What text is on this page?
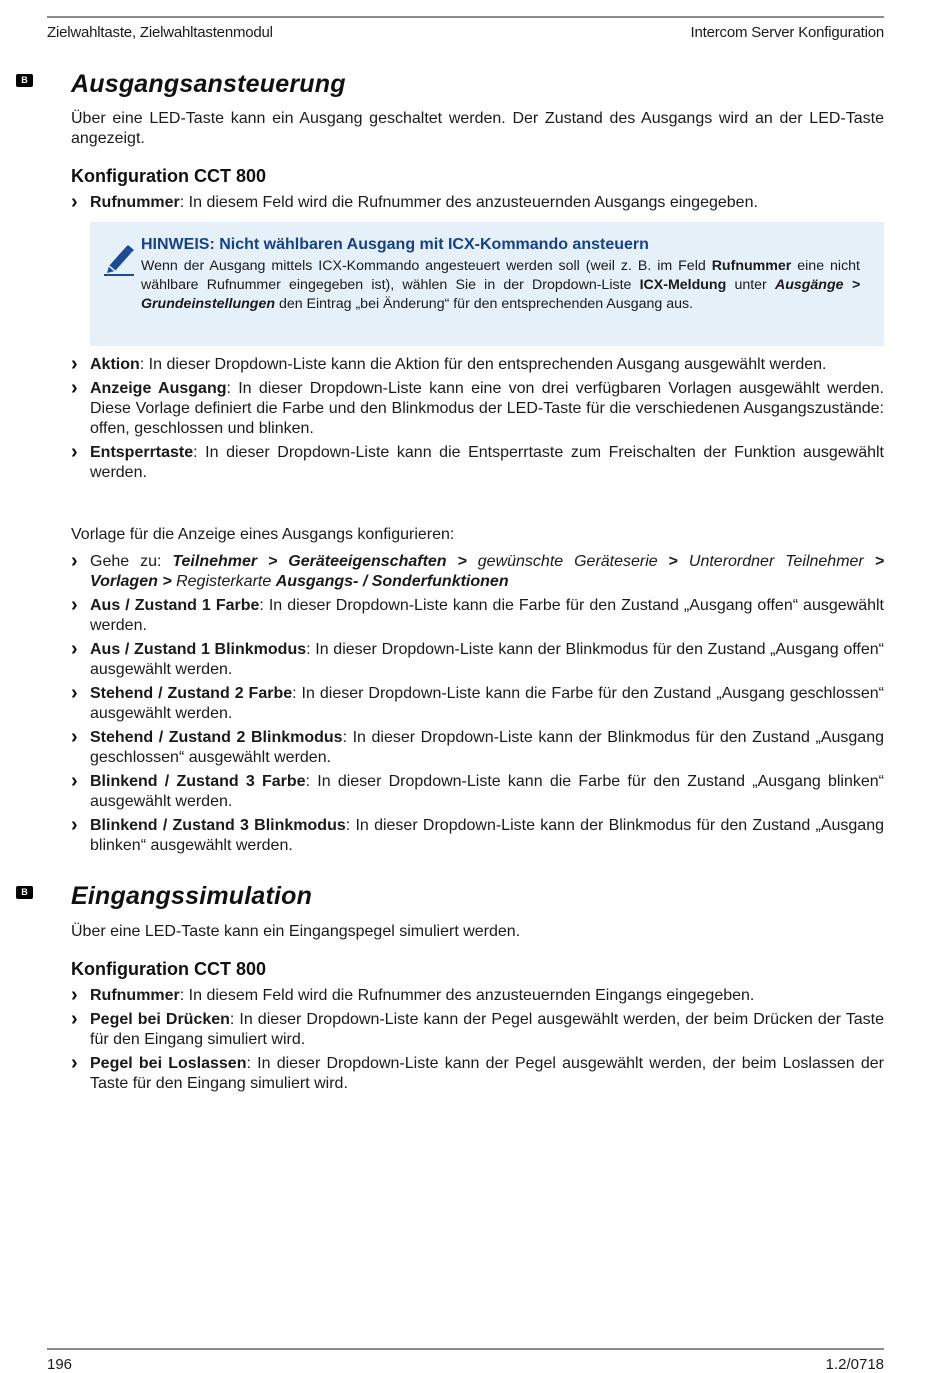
Zielwahltaste, Zielwahltastenmodul	Intercom Server Konfiguration
B Ausgangsansteuerung

Über eine LED-Taste kann ein Ausgang geschaltet werden. Der Zustand des Ausgangs wird an der LED-Taste angezeigt.

Konfiguration CCT 800
› Rufnummer: In diesem Feld wird die Rufnummer des anzusteuernden Ausgangs eingegeben.
HINWEIS: Nicht wählbaren Ausgang mit ICX-Kommando ansteuern
Wenn der Ausgang mittels ICX-Kommando angesteuert werden soll (weil z. B. im Feld Rufnummer eine nicht wählbare Rufnummer eingegeben ist), wählen Sie in der Dropdown-Liste ICX-Meldung unter Ausgänge > Grundeinstellungen den Eintrag „bei Änderung“ für den entsprechenden Ausgang aus.
› Aktion: In dieser Dropdown-Liste kann die Aktion für den entsprechenden Ausgang ausgewählt werden.
› Anzeige Ausgang: In dieser Dropdown-Liste kann eine von drei verfügbaren Vorlagen ausgewählt werden. Diese Vorlage definiert die Farbe und den Blinkmodus der LED-Taste für die verschiedenen Ausgangszustände: offen, geschlossen und blinken.
› Entsperrtaste: In dieser Dropdown-Liste kann die Entsperrtaste zum Freischalten der Funktion ausgewählt werden.

Vorlage für die Anzeige eines Ausgangs konfigurieren:

› Gehe zu: Teilnehmer > Geräteeigenschaften > gewünschte Geräteserie > Unterordner Teilnehmer > Vorlagen > Registerkarte Ausgangs- / Sonderfunktionen
› Aus / Zustand 1 Farbe: In dieser Dropdown-Liste kann die Farbe für den Zustand „Ausgang offen“ ausgewählt werden.
› Aus / Zustand 1 Blinkmodus: In dieser Dropdown-Liste kann der Blinkmodus für den Zustand „Ausgang offen“ ausgewählt werden.
› Stehend / Zustand 2 Farbe: In dieser Dropdown-Liste kann die Farbe für den Zustand „Ausgang geschlossen“ ausgewählt werden.
› Stehend / Zustand 2 Blinkmodus: In dieser Dropdown-Liste kann der Blinkmodus für den Zustand „Ausgang geschlossen“ ausgewählt werden.
› Blinkend / Zustand 3 Farbe: In dieser Dropdown-Liste kann die Farbe für den Zustand „Ausgang blinken“ ausgewählt werden.
› Blinkend / Zustand 3 Blinkmodus: In dieser Dropdown-Liste kann der Blinkmodus für den Zustand „Ausgang blinken“ ausgewählt werden.
B Eingangssimulation

Über eine LED-Taste kann ein Eingangspegel simuliert werden.

Konfiguration CCT 800
› Rufnummer: In diesem Feld wird die Rufnummer des anzusteuernden Eingangs eingegeben.
› Pegel bei Drücken: In dieser Dropdown-Liste kann der Pegel ausgewählt werden, der beim Drücken der Taste für den Eingang simuliert wird.
› Pegel bei Loslassen: In dieser Dropdown-Liste kann der Pegel ausgewählt werden, der beim Loslassen der Taste für den Eingang simuliert wird.
196	1.2/0718
